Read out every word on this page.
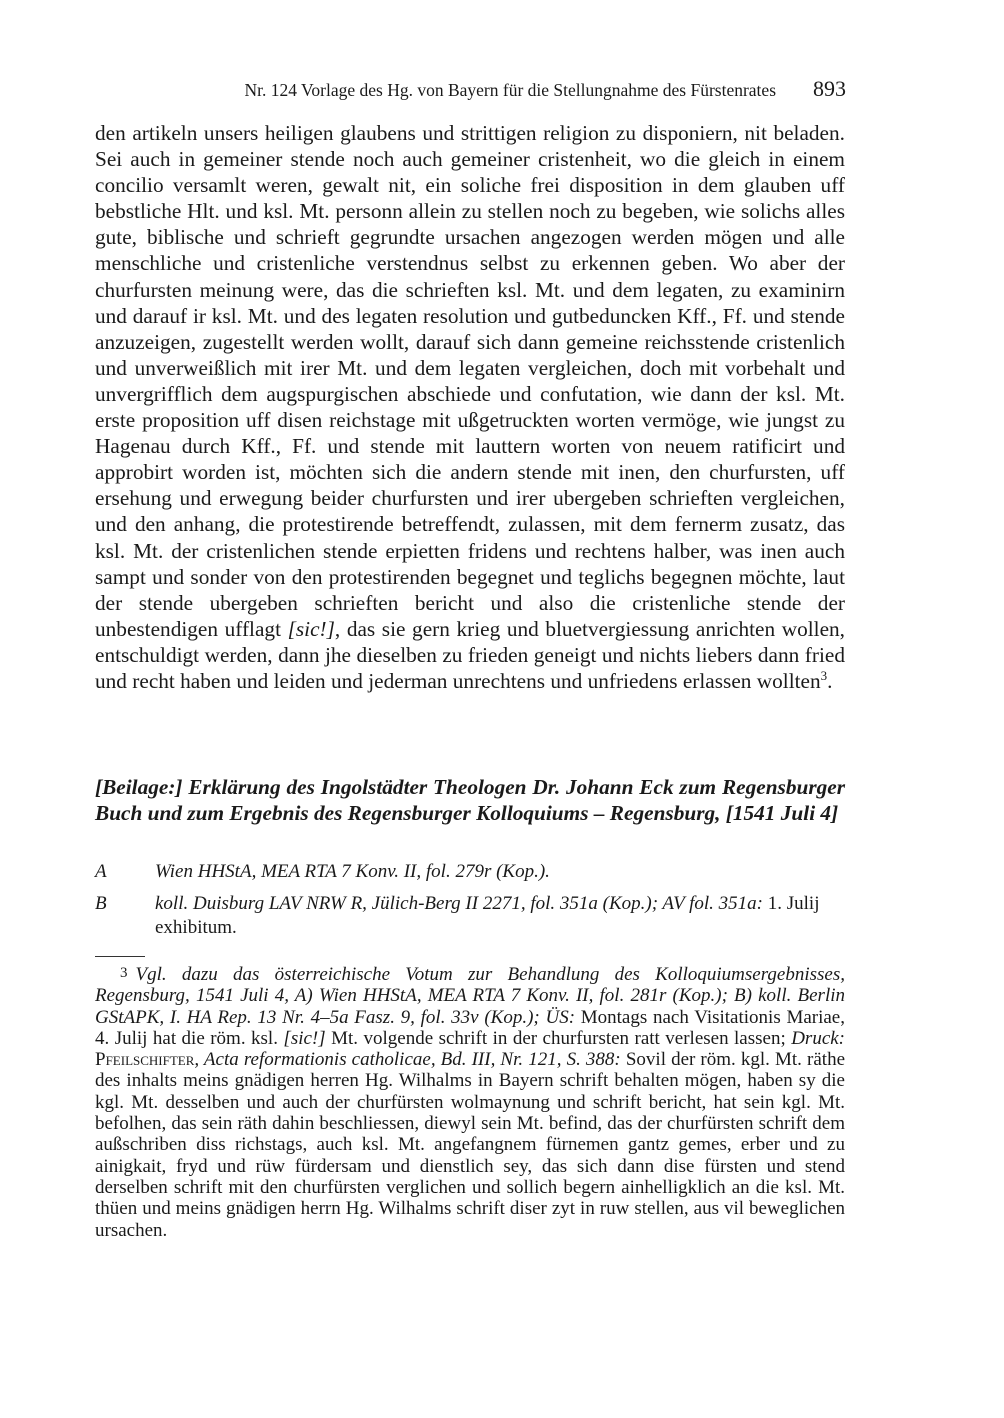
Nr. 124 Vorlage des Hg. von Bayern für die Stellungnahme des Fürstenrates	893

den artikeln unsers heiligen glaubens und strittigen religion zu disponiern, nit beladen. Sei auch in gemeiner stende noch auch gemeiner cristenheit, wo die gleich in einem concilio versamlt weren, gewalt nit, ein soliche frei disposition in dem glauben uff bebstliche Hlt. und ksl. Mt. personn allein zu stellen noch zu begeben, wie solichs alles gute, biblische und schrieft gegrundte ursachen angezogen werden mögen und alle menschliche und cristenliche verstendnus selbst zu erkennen geben. Wo aber der churfursten meinung were, das die schrieften ksl. Mt. und dem legaten, zu examinirn und darauf ir ksl. Mt. und des legaten resolution und gutbeduncken Kff., Ff. und stende anzuzeigen, zugestellt werden wollt, darauf sich dann gemeine reichsstende cristenlich und unverweißlich mit irer Mt. und dem legaten vergleichen, doch mit vorbehalt und unvergrifflich dem augspurgischen abschiede und confutation, wie dann der ksl. Mt. erste proposition uff disen reichstage mit ußgetruckten worten vermöge, wie jungst zu Hagenau durch Kff., Ff. und stende mit lauttern worten von neuem ratificirt und approbirt worden ist, möchten sich die andern stende mit inen, den churfursten, uff ersehung und erwegung beider churfursten und irer ubergeben schrieften vergleichen, und den anhang, die protestirende betreffendt, zulassen, mit dem fernerm zusatz, das ksl. Mt. der cristenlichen stende erpietten fridens und rechtens halber, was inen auch sampt und sonder von den protestirenden begegnet und teglichs begegnen möchte, laut der stende ubergeben schrieften bericht und also die cristenliche stende der unbestendigen ufflagt [sic!], das sie gern krieg und bluetvergiessung anrichten wollen, entschuldigt werden, dann jhe dieselben zu frieden geneigt und nichts liebers dann fried und recht haben und leiden und jederman unrechtens und unfriedens erlassen wollten$^3$.

[Beilage:] Erklärung des Ingolstädter Theologen Dr. Johann Eck zum Regensburger Buch und zum Ergebnis des Regensburger Kolloquiums – Regensburg, [1541 Juli 4]
A	Wien HHStA, MEA RTA 7 Konv. II, fol. 279r (Kop.).
B	koll. Duisburg LAV NRW R, Jülich-Berg II 2271, fol. 351a (Kop.); AV fol. 351a: 1. Julij exhibitum.
3 Vgl. dazu das österreichische Votum zur Behandlung des Kolloquiumsergebnisses, Regensburg, 1541 Juli 4, A) Wien HHStA, MEA RTA 7 Konv. II, fol. 281r (Kop.); B) koll. Berlin GStAPK, I. HA Rep. 13 Nr. 4–5a Fasz. 9, fol. 33v (Kop.); ÜS: Montags nach Visitationis Mariae, 4. Julij hat die röm. ksl. [sic!] Mt. volgende schrift in der churfursten ratt verlesen lassen; Druck: Pfeilschifter, Acta reformationis catholicae, Bd. III, Nr. 121, S. 388: Sovil der röm. kgl. Mt. räthe des inhalts meins gnädigen herren Hg. Wilhalms in Bayern schrift behalten mögen, haben sy die kgl. Mt. desselben und auch der churfürsten wolmaynung und schrift bericht, hat sein kgl. Mt. befolhen, das sein räth dahin beschliessen, diewyl sein Mt. befind, das der churfürsten schrift dem außschriben diss richstags, auch ksl. Mt. angefangnem fürnemen gantz gemes, erber und zu ainigkait, fryd und rüw fürdersam und dienstlich sey, das sich dann dise fürsten und stend derselben schrift mit den churfürsten verglichen und sollich begern ainhelligklich an die ksl. Mt. thüen und meins gnädigen herrn Hg. Wilhalms schrift diser zyt in ruw stellen, aus vil beweglichen ursachen.
